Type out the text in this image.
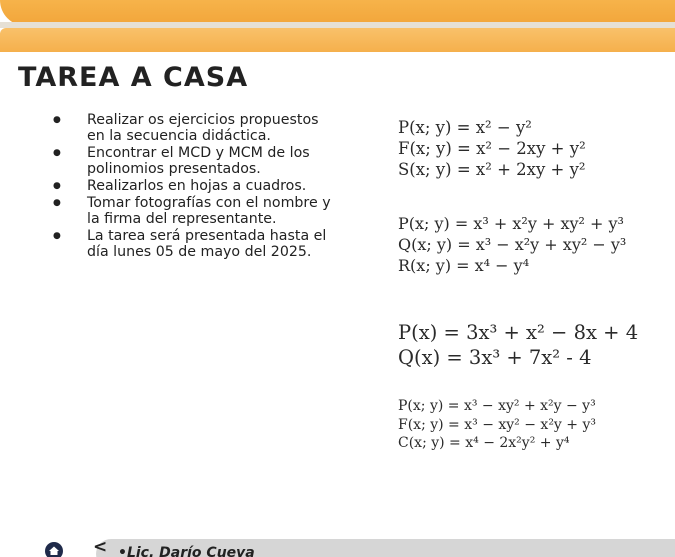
TAREA A CASA
● Realizar os ejercicios propuestos en la secuencia didáctica.
● Encontrar el MCD y MCM de los polinomios presentados.
● Realizarlos en hojas a cuadros.
● Tomar fotografías con el nombre y la firma del representante.
● La tarea será presentada hasta el día lunes 05 de mayo del 2025.
P(x; y) = x² − y²
F(x; y) = x² − 2xy + y²
S(x; y) = x² + 2xy + y²
P(x; y) = x³ + x²y + xy² + y³
Q(x; y) = x³ − x²y + xy² − y³
R(x; y) = x⁴ − y⁴
P(x) = 3x³ + x² − 8x + 4
Q(x) = 3x³ + 7x² - 4
P(x; y) = x³ − xy² + x²y − y³
F(x; y) = x³ − xy² − x²y + y³
C(x; y) = x⁴ − 2x²y² + y⁴
< •Lic. Darío Cueva
